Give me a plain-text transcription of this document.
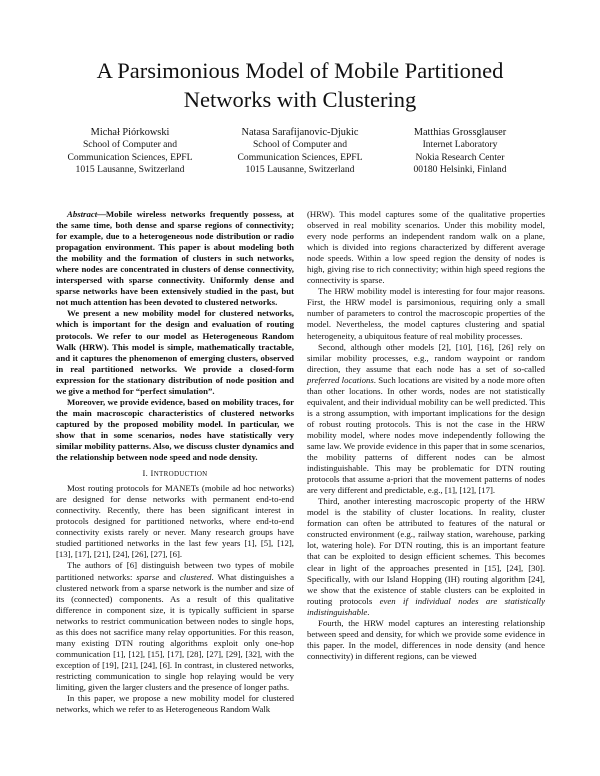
A Parsimonious Model of Mobile Partitioned
Networks with Clustering
Michał Piórkowski
School of Computer and
Communication Sciences, EPFL
1015 Lausanne, Switzerland
Natasa Sarafijanovic-Djukic
School of Computer and
Communication Sciences, EPFL
1015 Lausanne, Switzerland
Matthias Grossglauser
Internet Laboratory
Nokia Research Center
00180 Helsinki, Finland

Abstract—Mobile wireless networks frequently possess, at the same time, both dense and sparse regions of connectivity; for example, due to a heterogeneous node distribution or radio propagation environment. This paper is about modeling both the mobility and the formation of clusters in such networks, where nodes are concentrated in clusters of dense connectivity, interspersed with sparse connectivity. Uniformly dense and sparse networks have been extensively studied in the past, but not much attention has been devoted to clustered networks.

We present a new mobility model for clustered networks, which is important for the design and evaluation of routing protocols. We refer to our model as Heterogeneous Random Walk (HRW). This model is simple, mathematically tractable, and it captures the phenomenon of emerging clusters, observed in real partitioned networks. We provide a closed-form expression for the stationary distribution of node position and we give a method for “perfect simulation”.

Moreover, we provide evidence, based on mobility traces, for the main macroscopic characteristics of clustered networks captured by the proposed mobility model. In particular, we show that in some scenarios, nodes have statistically very similar mobility patterns. Also, we discuss cluster dynamics and the relationship between node speed and node density.

I. INTRODUCTION

Most routing protocols for MANETs (mobile ad hoc networks) are designed for dense networks with permanent end-to-end connectivity. Recently, there has been significant interest in protocols designed for partitioned networks, where end-to-end connectivity exists rarely or never. Many research groups have studied partitioned networks in the last few years [1], [5], [12], [13], [17], [21], [24], [26], [27], [6].

The authors of [6] distinguish between two types of mobile partitioned networks: sparse and clustered. What distinguishes a clustered network from a sparse network is the number and size of its (connected) components. As a result of this qualitative difference in component size, it is typically sufficient in sparse networks to restrict communication between nodes to single hops, as this does not sacrifice many relay opportunities. For this reason, many existing DTN routing algorithms exploit only one-hop communication [1], [12], [15], [17], [28], [27], [29], [32], with the exception of [19], [21], [24], [6]. In contrast, in clustered networks, restricting communication to single hop relaying would be very limiting, given the larger clusters and the presence of longer paths.

In this paper, we propose a new mobility model for clustered networks, which we refer to as Heterogeneous Random Walk

(HRW). This model captures some of the qualitative properties observed in real mobility scenarios. Under this mobility model, every node performs an independent random walk on a plane, which is divided into regions characterized by different average node speeds. Within a low speed region the density of nodes is high, giving rise to rich connectivity; within high speed regions the connectivity is sparse.

The HRW mobility model is interesting for four major reasons. First, the HRW model is parsimonious, requiring only a small number of parameters to control the macroscopic properties of the model. Nevertheless, the model captures clustering and spatial heterogeneity, a ubiquitous feature of real mobility processes.

Second, although other models [2], [10], [16], [26] rely on similar mobility processes, e.g., random waypoint or random direction, they assume that each node has a set of so-called preferred locations. Such locations are visited by a node more often than other locations. In other words, nodes are not statistically equivalent, and their individual mobility can be well predicted. This is a strong assumption, with important implications for the design of robust routing protocols. This is not the case in the HRW mobility model, where nodes move independently following the same law. We provide evidence in this paper that in some scenarios, the mobility patterns of different nodes can be almost indistinguishable. This may be problematic for DTN routing protocols that assume a-priori that the movement patterns of nodes are very different and predictable, e.g., [1], [12], [17].

Third, another interesting macroscopic property of the HRW model is the stability of cluster locations. In reality, cluster formation can often be attributed to features of the natural or constructed environment (e.g., railway station, warehouse, parking lot, watering hole). For DTN routing, this is an important feature that can be exploited to design efficient schemes. This becomes clear in light of the approaches presented in [15], [24], [30]. Specifically, with our Island Hopping (IH) routing algorithm [24], we show that the existence of stable clusters can be exploited in routing protocols even if individual nodes are statistically indistinguishable.

Fourth, the HRW model captures an interesting relationship between speed and density, for which we provide some evidence in this paper. In the model, differences in node density (and hence connectivity) in different regions, can be viewed
